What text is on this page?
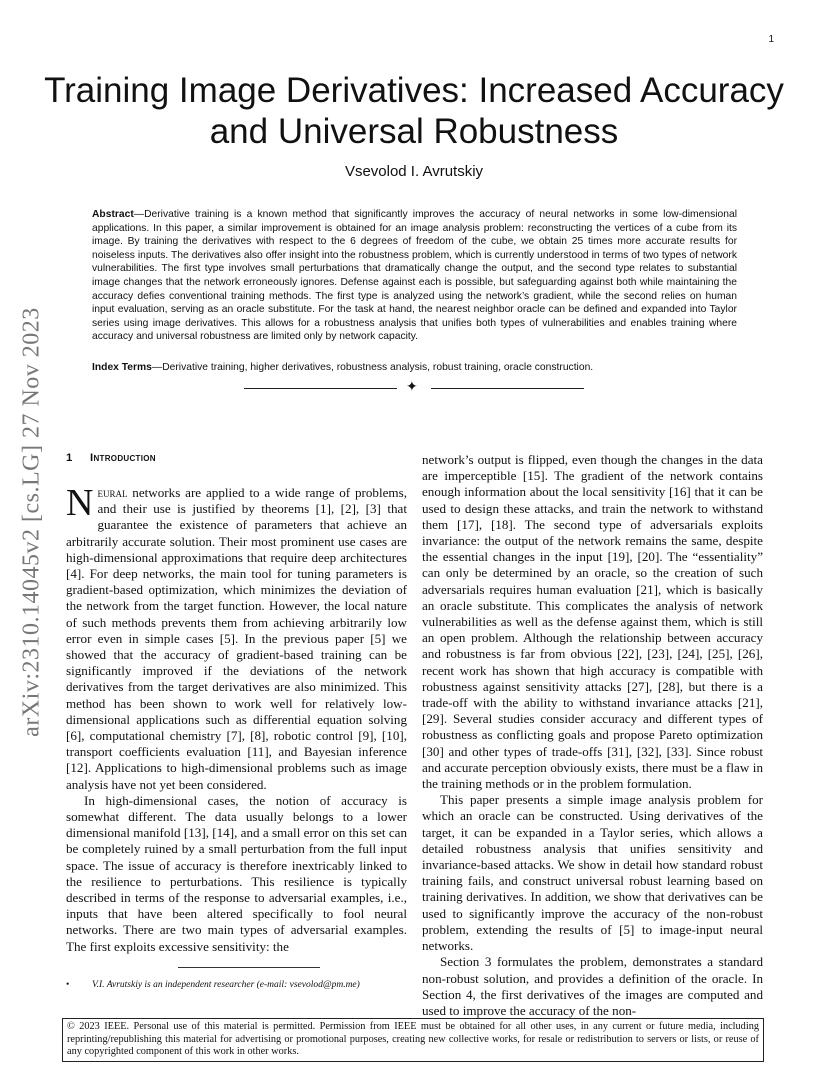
1
arXiv:2310.14045v2 [cs.LG] 27 Nov 2023
Training Image Derivatives: Increased Accuracy and Universal Robustness
Vsevolod I. Avrutskiy
Abstract—Derivative training is a known method that significantly improves the accuracy of neural networks in some low-dimensional applications. In this paper, a similar improvement is obtained for an image analysis problem: reconstructing the vertices of a cube from its image. By training the derivatives with respect to the 6 degrees of freedom of the cube, we obtain 25 times more accurate results for noiseless inputs. The derivatives also offer insight into the robustness problem, which is currently understood in terms of two types of network vulnerabilities. The first type involves small perturbations that dramatically change the output, and the second type relates to substantial image changes that the network erroneously ignores. Defense against each is possible, but safeguarding against both while maintaining the accuracy defies conventional training methods. The first type is analyzed using the network’s gradient, while the second relies on human input evaluation, serving as an oracle substitute. For the task at hand, the nearest neighbor oracle can be defined and expanded into Taylor series using image derivatives. This allows for a robustness analysis that unifies both types of vulnerabilities and enables training where accuracy and universal robustness are limited only by network capacity.
Index Terms—Derivative training, higher derivatives, robustness analysis, robust training, oracle construction.
✦
1 Introduction

Neural networks are applied to a wide range of problems, and their use is justified by theorems [1], [2], [3] that guarantee the existence of parameters that achieve an arbitrarily accurate solution. Their most prominent use cases are high-dimensional approximations that require deep architectures [4]. For deep networks, the main tool for tuning parameters is gradient-based optimization, which minimizes the deviation of the network from the target function. However, the local nature of such methods prevents them from achieving arbitrarily low error even in simple cases [5]. In the previous paper [5] we showed that the accuracy of gradient-based training can be significantly improved if the deviations of the network derivatives from the target derivatives are also minimized. This method has been shown to work well for relatively low-dimensional applications such as differential equation solving [6], computational chemistry [7], [8], robotic control [9], [10], transport coefficients evaluation [11], and Bayesian inference [12]. Applications to high-dimensional problems such as image analysis have not yet been considered.

In high-dimensional cases, the notion of accuracy is somewhat different. The data usually belongs to a lower dimensional manifold [13], [14], and a small error on this set can be completely ruined by a small perturbation from the full input space. The issue of accuracy is therefore inextricably linked to the resilience to perturbations. This resilience is typically described in terms of the response to adversarial examples, i.e., inputs that have been altered specifically to fool neural networks. There are two main types of adversarial examples. The first exploits excessive sensitivity: the

network’s output is flipped, even though the changes in the data are imperceptible [15]. The gradient of the network contains enough information about the local sensitivity [16] that it can be used to design these attacks, and train the network to withstand them [17], [18]. The second type of adversarials exploits invariance: the output of the network remains the same, despite the essential changes in the input [19], [20]. The “essentiality” can only be determined by an oracle, so the creation of such adversarials requires human evaluation [21], which is basically an oracle substitute. This complicates the analysis of network vulnerabilities as well as the defense against them, which is still an open problem. Although the relationship between accuracy and robustness is far from obvious [22], [23], [24], [25], [26], recent work has shown that high accuracy is compatible with robustness against sensitivity attacks [27], [28], but there is a trade-off with the ability to withstand invariance attacks [21], [29]. Several studies consider accuracy and different types of robustness as conflicting goals and propose Pareto optimization [30] and other types of trade-offs [31], [32], [33]. Since robust and accurate perception obviously exists, there must be a flaw in the training methods or in the problem formulation.

This paper presents a simple image analysis problem for which an oracle can be constructed. Using derivatives of the target, it can be expanded in a Taylor series, which allows a detailed robustness analysis that unifies sensitivity and invariance-based attacks. We show in detail how standard robust training fails, and construct universal robust learning based on training derivatives. In addition, we show that derivatives can be used to significantly improve the accuracy of the non-robust problem, extending the results of [5] to image-input neural networks.

Section 3 formulates the problem, demonstrates a standard non-robust solution, and provides a definition of the oracle. In Section 4, the first derivatives of the images are computed and used to improve the accuracy of the non-

• V.I. Avrutskiy is an independent researcher (e-mail: vsevolod@pm.me)
© 2023 IEEE. Personal use of this material is permitted. Permission from IEEE must be obtained for all other uses, in any current or future media, including reprinting/republishing this material for advertising or promotional purposes, creating new collective works, for resale or redistribution to servers or lists, or reuse of any copyrighted component of this work in other works.
